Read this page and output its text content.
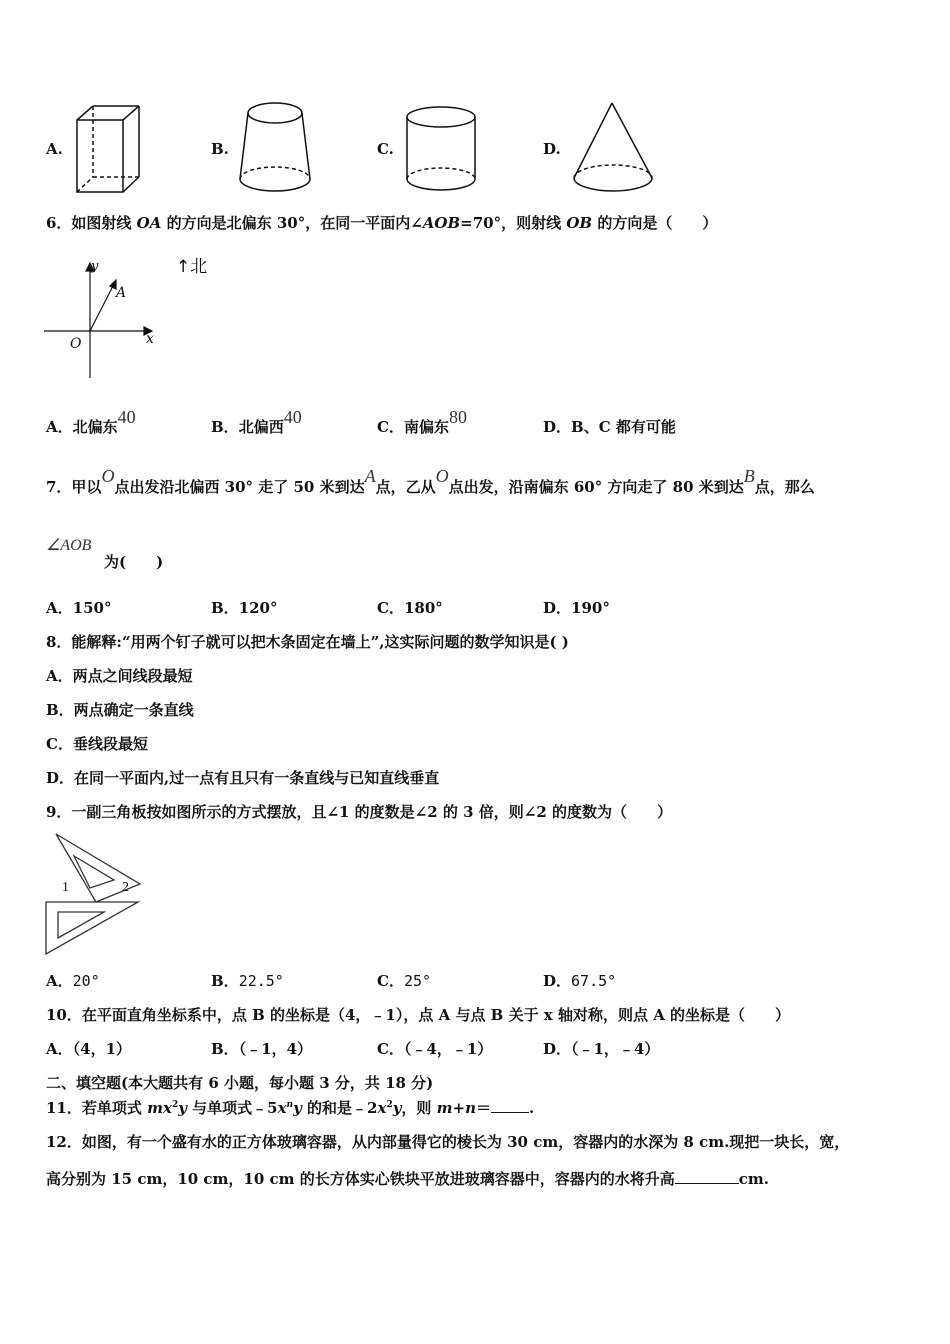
A.	B.	C.	D.
6．如图射线 OA 的方向是北偏东 30°，在同一平面内∠AOB=70°，则射线 OB 的方向是（　　）
y
A
O	x
↑北
A．北偏东40	B．北偏西40	C．南偏东80	D．B、C 都有可能
7．甲以O点出发沿北偏西 30° 走了 50 米到达A点，乙从O点出发，沿南偏东 60° 方向走了 80 米到达B点，那么
∠AOB
为(　　)
A．150°	B．120°	C．180°	D．190°
8．能解释:“用两个钉子就可以把木条固定在墙上”,这实际问题的数学知识是( )
A．两点之间线段最短
B．两点确定一条直线
C．垂线段最短
D．在同一平面内,过一点有且只有一条直线与已知直线垂直
9．一副三角板按如图所示的方式摆放，且∠1 的度数是∠2 的 3 倍，则∠2 的度数为（　　）
1	2
A．20°	B．22.5°	C．25°	D．67.5°
10．在平面直角坐标系中，点 B 的坐标是（4，﹣1），点 A 与点 B 关于 x 轴对称，则点 A 的坐标是（　　）
A．（4，1）	B．（﹣1，4）	C．（﹣4，﹣1）	D．（﹣1，﹣4）
二、填空题(本大题共有 6 小题，每小题 3 分，共 18 分)
11．若单项式 $mx^2y$ 与单项式$﹣5x^ny$ 的和是$﹣2x^2y$，则 m+n＝	.
12．如图，有一个盛有水的正方体玻璃容器，从内部量得它的棱长为 30 cm，容器内的水深为 8 cm.现把一块长，宽，
高分别为 15 cm，10 cm，10 cm 的长方体实心铁块平放进玻璃容器中，容器内的水将升高	cm.
